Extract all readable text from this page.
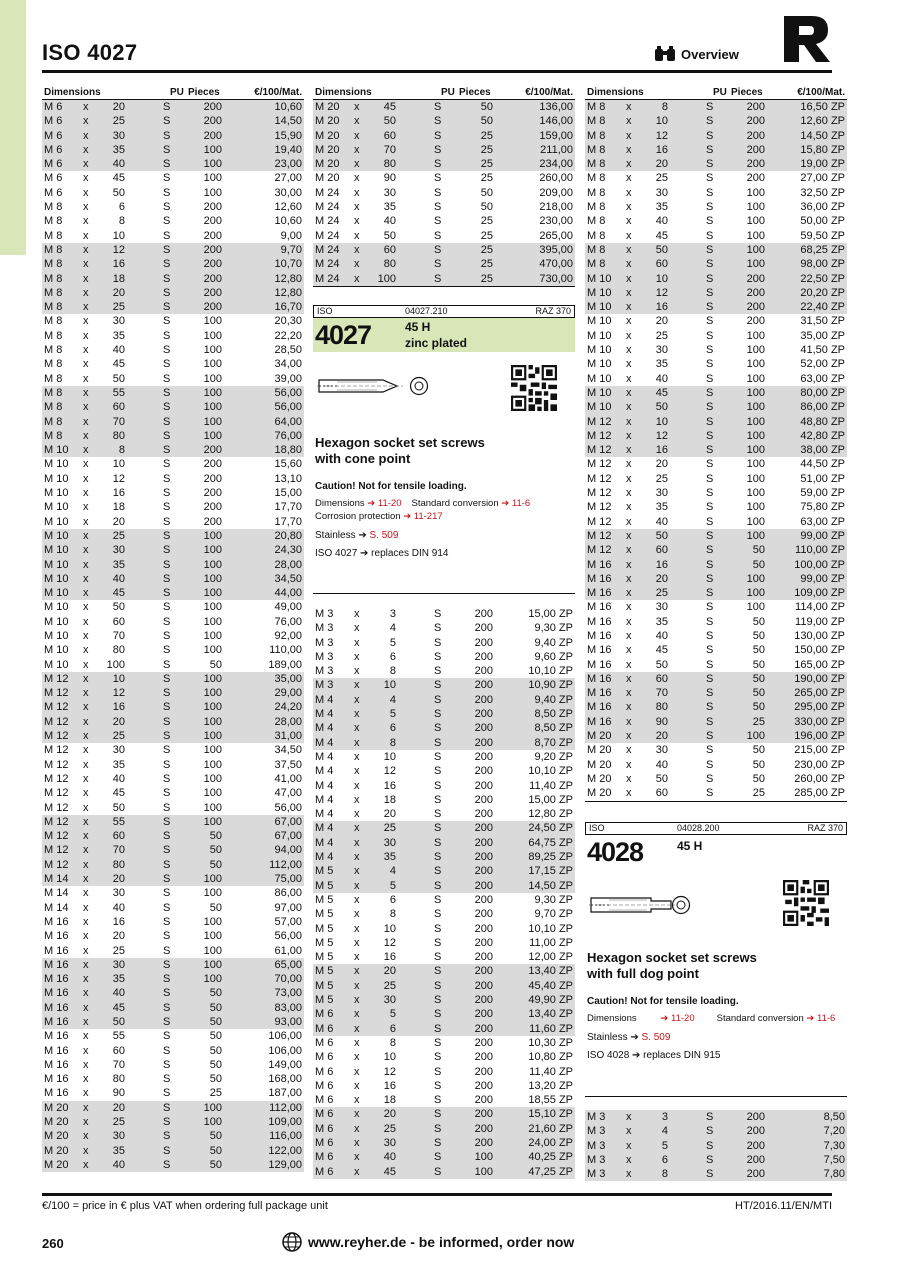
ISO 4027	Overview
Dimensions	PU Pieces	€/100/Mat.
M 6	x	20	S	200	10,60
M 6	x	25	S	200	14,50
M 6	x	30	S	200	15,90
M 6	x	35	S	100	19,40
M 6	x	40	S	100	23,00
M 6	x	45	S	100	27,00
M 6	x	50	S	100	30,00
M 8	x	6	S	200	12,60
M 8	x	8	S	200	10,60
M 8	x	10	S	200	9,00
M 8	x	12	S	200	9,70
M 8	x	16	S	200	10,70
M 8	x	18	S	200	12,80
M 8	x	20	S	200	12,80
M 8	x	25	S	200	16,70
M 8	x	30	S	100	20,30
M 8	x	35	S	100	22,20
M 8	x	40	S	100	28,50
M 8	x	45	S	100	34,00
M 8	x	50	S	100	39,00
M 8	x	55	S	100	56,00
M 8	x	60	S	100	56,00
M 8	x	70	S	100	64,00
M 8	x	80	S	100	76,00
M 10	x	8	S	200	18,80
M 10	x	10	S	200	15,60
M 10	x	12	S	200	13,10
M 10	x	16	S	200	15,00
M 10	x	18	S	200	17,70
M 10	x	20	S	200	17,70
M 10	x	25	S	100	20,80
M 10	x	30	S	100	24,30
M 10	x	35	S	100	28,00
M 10	x	40	S	100	34,50
M 10	x	45	S	100	44,00
M 10	x	50	S	100	49,00
M 10	x	60	S	100	76,00
M 10	x	70	S	100	92,00
M 10	x	80	S	100	110,00
M 10	x	100	S	50	189,00
M 12	x	10	S	100	35,00
M 12	x	12	S	100	29,00
M 12	x	16	S	100	24,20
M 12	x	20	S	100	28,00
M 12	x	25	S	100	31,00
M 12	x	30	S	100	34,50
M 12	x	35	S	100	37,50
M 12	x	40	S	100	41,00
M 12	x	45	S	100	47,00
M 12	x	50	S	100	56,00
M 12	x	55	S	100	67,00
M 12	x	60	S	50	67,00
M 12	x	70	S	50	94,00
M 12	x	80	S	50	112,00
M 14	x	20	S	100	75,00
M 14	x	30	S	100	86,00
M 14	x	40	S	50	97,00
M 16	x	16	S	100	57,00
M 16	x	20	S	100	56,00
M 16	x	25	S	100	61,00
M 16	x	30	S	100	65,00
M 16	x	35	S	100	70,00
M 16	x	40	S	50	73,00
M 16	x	45	S	50	83,00
M 16	x	50	S	50	93,00
M 16	x	55	S	50	106,00
M 16	x	60	S	50	106,00
M 16	x	70	S	50	149,00
M 16	x	80	S	50	168,00
M 16	x	90	S	25	187,00
M 20	x	20	S	100	112,00
M 20	x	25	S	100	109,00
M 20	x	30	S	50	116,00
M 20	x	35	S	50	122,00
M 20	x	40	S	50	129,00
Dimensions	PU Pieces	€/100/Mat.
M 20	x	45	S	50	136,00
M 20	x	50	S	50	146,00
M 20	x	60	S	25	159,00
M 20	x	70	S	25	211,00
M 20	x	80	S	25	234,00
M 20	x	90	S	25	260,00
M 24	x	30	S	50	209,00
M 24	x	35	S	50	218,00
M 24	x	40	S	25	230,00
M 24	x	50	S	25	265,00
M 24	x	60	S	25	395,00
M 24	x	80	S	25	470,00
M 24	x	100	S	25	730,00
ISO	04027.210	RAZ 370
4027	45 H
zinc plated
Hexagon socket set screws
with cone point
Caution! Not for tensile loading.
Dimensions ➔ 11-20 Standard conversion ➔ 11-6
Corrosion protection ➔ 11-217
Stainless ➔ S. 509
ISO 4027 ➔ replaces DIN 914
M 3	x	3	S	200	15,00 ZP
M 3	x	4	S	200	9,30 ZP
M 3	x	5	S	200	9,40 ZP
M 3	x	6	S	200	9,60 ZP
M 3	x	8	S	200	10,10 ZP
M 3	x	10	S	200	10,90 ZP
M 4	x	4	S	200	9,40 ZP
M 4	x	5	S	200	8,50 ZP
M 4	x	6	S	200	8,50 ZP
M 4	x	8	S	200	8,70 ZP
M 4	x	10	S	200	9,20 ZP
M 4	x	12	S	200	10,10 ZP
M 4	x	16	S	200	11,40 ZP
M 4	x	18	S	200	15,00 ZP
M 4	x	20	S	200	12,80 ZP
M 4	x	25	S	200	24,50 ZP
M 4	x	30	S	200	64,75 ZP
M 4	x	35	S	200	89,25 ZP
M 5	x	4	S	200	17,15 ZP
M 5	x	5	S	200	14,50 ZP
M 5	x	6	S	200	9,30 ZP
M 5	x	8	S	200	9,70 ZP
M 5	x	10	S	200	10,10 ZP
M 5	x	12	S	200	11,00 ZP
M 5	x	16	S	200	12,00 ZP
M 5	x	20	S	200	13,40 ZP
M 5	x	25	S	200	45,40 ZP
M 5	x	30	S	200	49,90 ZP
M 6	x	5	S	200	13,40 ZP
M 6	x	6	S	200	11,60 ZP
M 6	x	8	S	200	10,30 ZP
M 6	x	10	S	200	10,80 ZP
M 6	x	12	S	200	11,40 ZP
M 6	x	16	S	200	13,20 ZP
M 6	x	18	S	200	18,55 ZP
M 6	x	20	S	200	15,10 ZP
M 6	x	25	S	200	21,60 ZP
M 6	x	30	S	200	24,00 ZP
M 6	x	40	S	100	40,25 ZP
M 6	x	45	S	100	47,25 ZP
Dimensions	PU Pieces	€/100/Mat.
M 8	x	8	S	200	16,50 ZP
M 8	x	10	S	200	12,60 ZP
M 8	x	12	S	200	14,50 ZP
M 8	x	16	S	200	15,80 ZP
M 8	x	20	S	200	19,00 ZP
M 8	x	25	S	200	27,00 ZP
M 8	x	30	S	100	32,50 ZP
M 8	x	35	S	100	36,00 ZP
M 8	x	40	S	100	50,00 ZP
M 8	x	45	S	100	59,50 ZP
M 8	x	50	S	100	68,25 ZP
M 8	x	60	S	100	98,00 ZP
M 10	x	10	S	200	22,50 ZP
M 10	x	12	S	200	20,20 ZP
M 10	x	16	S	200	22,40 ZP
M 10	x	20	S	200	31,50 ZP
M 10	x	25	S	100	35,00 ZP
M 10	x	30	S	100	41,50 ZP
M 10	x	35	S	100	52,00 ZP
M 10	x	40	S	100	63,00 ZP
M 10	x	45	S	100	80,00 ZP
M 10	x	50	S	100	86,00 ZP
M 12	x	10	S	100	48,80 ZP
M 12	x	12	S	100	42,80 ZP
M 12	x	16	S	100	38,00 ZP
M 12	x	20	S	100	44,50 ZP
M 12	x	25	S	100	51,00 ZP
M 12	x	30	S	100	59,00 ZP
M 12	x	35	S	100	75,80 ZP
M 12	x	40	S	100	63,00 ZP
M 12	x	50	S	100	99,00 ZP
M 12	x	60	S	50	110,00 ZP
M 16	x	16	S	50	100,00 ZP
M 16	x	20	S	100	99,00 ZP
M 16	x	25	S	100	109,00 ZP
M 16	x	30	S	100	114,00 ZP
M 16	x	35	S	50	119,00 ZP
M 16	x	40	S	50	130,00 ZP
M 16	x	45	S	50	150,00 ZP
M 16	x	50	S	50	165,00 ZP
M 16	x	60	S	50	190,00 ZP
M 16	x	70	S	50	265,00 ZP
M 16	x	80	S	50	295,00 ZP
M 16	x	90	S	25	330,00 ZP
M 20	x	20	S	100	196,00 ZP
M 20	x	30	S	50	215,00 ZP
M 20	x	40	S	50	230,00 ZP
M 20	x	50	S	50	260,00 ZP
M 20	x	60	S	25	285,00 ZP
ISO	04028.200	RAZ 370
4028	45 H
Hexagon socket set screws
with full dog point
Caution! Not for tensile loading.
Dimensions	➔ 11-20 Standard conversion ➔ 11-6
Stainless ➔ S. 509
ISO 4028 ➔ replaces DIN 915
M 3	x	3	S	200	8,50
M 3	x	4	S	200	7,20
M 3	x	5	S	200	7,30
M 3	x	6	S	200	7,50
M 3	x	8	S	200	7,80
€/100 = price in € plus VAT when ordering full package unit	HT/2016.11/EN/MTI
260	www.reyher.de - be informed, order now
